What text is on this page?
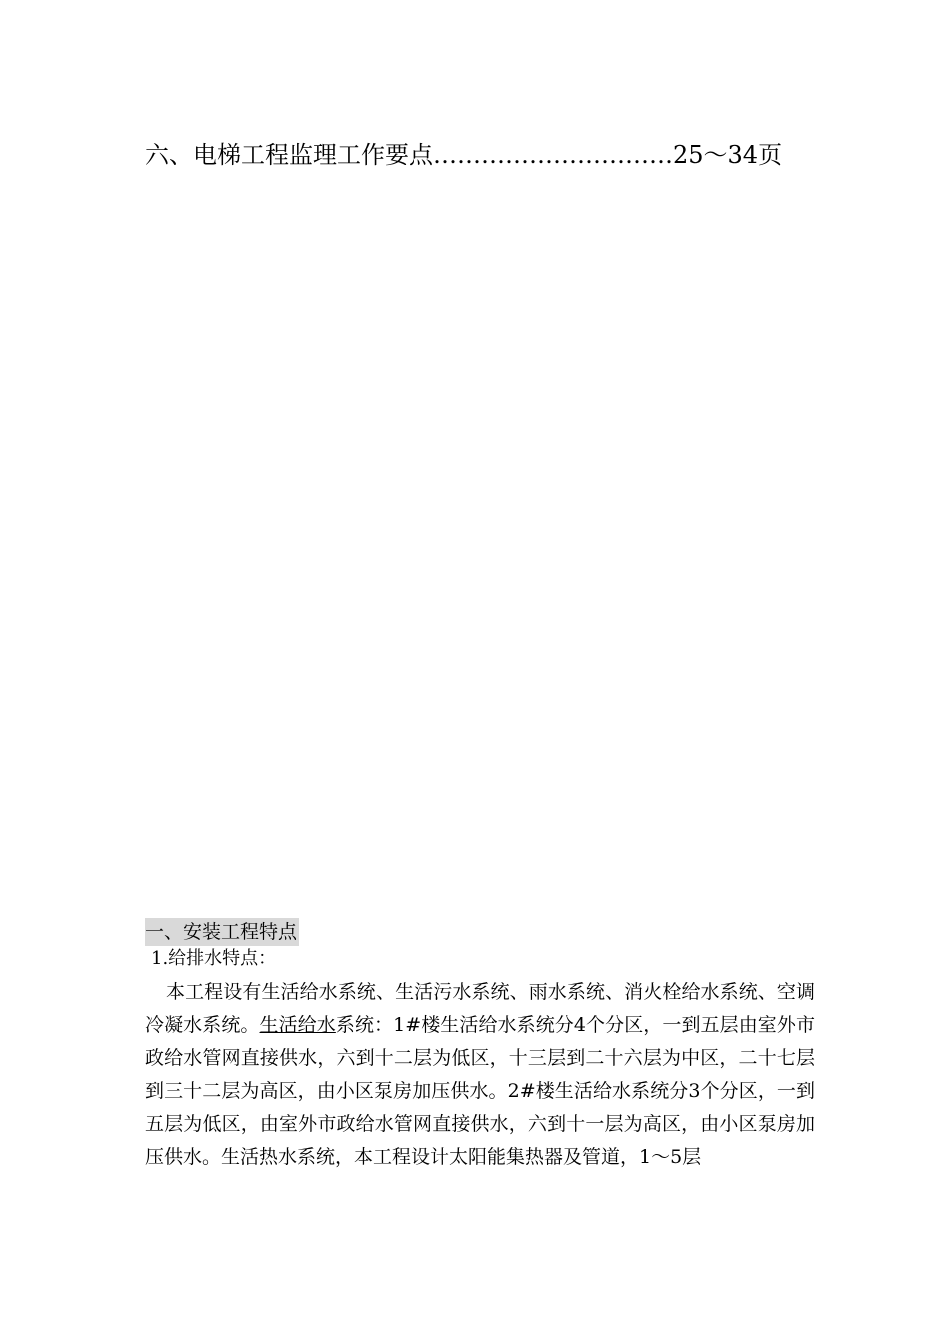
六、电梯工程监理工作要点…………………………25～34页

一、安装工程特点

1.给排水特点：

本工程设有生活给水系统、生活污水系统、雨水系统、消火栓给水系统、空调冷凝水系统。生活给水系统：1#楼生活给水系统分4个分区，一到五层由室外市政给水管网直接供水，六到十二层为低区，十三层到二十六层为中区，二十七层到三十二层为高区，由小区泵房加压供水。2#楼生活给水系统分3个分区，一到五层为低区，由室外市政给水管网直接供水，六到十一层为高区，由小区泵房加压供水。生活热水系统，本工程设计太阳能集热器及管道，1～5层
